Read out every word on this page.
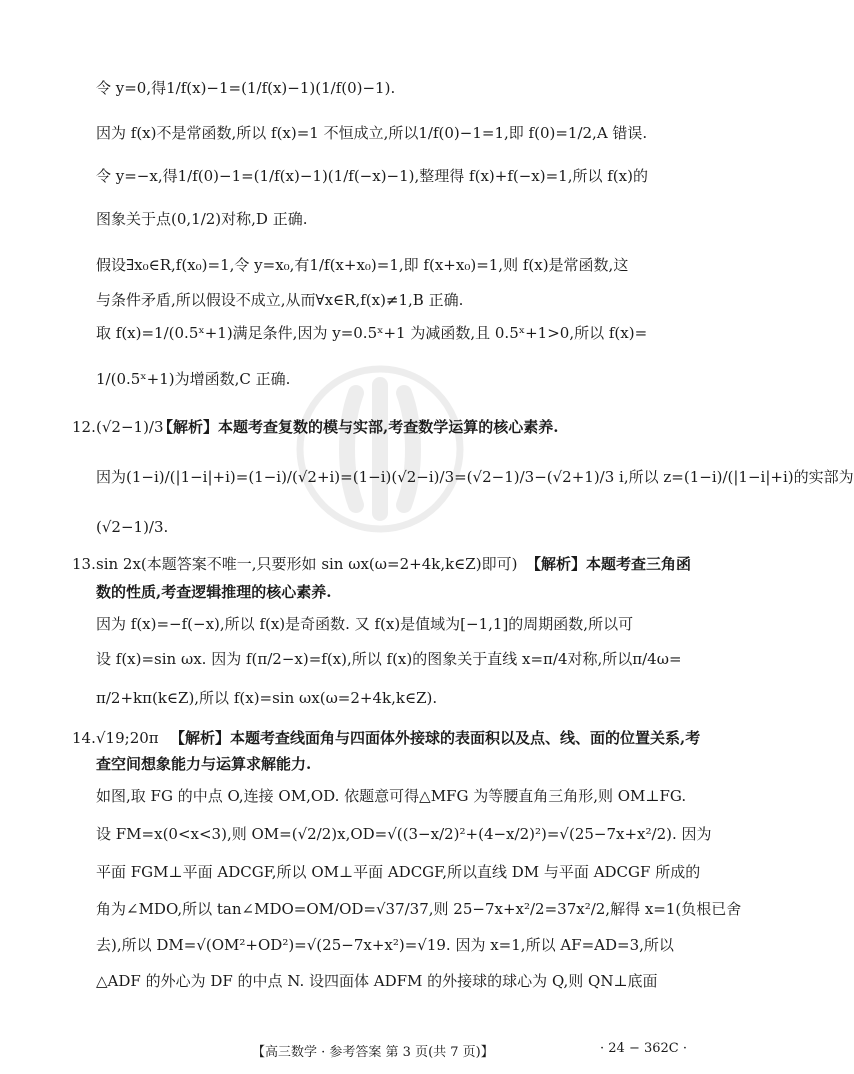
令 y=0,得1/f(x)−1=(1/f(x)−1)(1/f(0)−1).
因为 f(x)不是常函数,所以 f(x)=1 不恒成立,所以1/f(0)−1=1,即 f(0)=1/2,A 错误.
令 y=−x,得1/f(0)−1=(1/f(x)−1)(1/f(−x)−1),整理得 f(x)+f(−x)=1,所以 f(x)的
图象关于点(0,1/2)对称,D 正确.
假设∃x₀∈R,f(x₀)=1,令 y=x₀,有1/f(x+x₀)=1,即 f(x+x₀)=1,则 f(x)是常函数,这
与条件矛盾,所以假设不成立,从而∀x∈R,f(x)≠1,B 正确.
取 f(x)=1/(0.5ˣ+1)满足条件,因为 y=0.5ˣ+1 为减函数,且 0.5ˣ+1>0,所以 f(x)=
1/(0.5ˣ+1)为增函数,C 正确.
12. (√2−1)/3
【解析】本题考查复数的模与实部,考查数学运算的核心素养.
因为(1−i)/(|1−i|+i)=(1−i)/(√2+i)=(1−i)(√2−i)/3=(√2−1)/3−(√2+1)/3 i,所以 z=(1−i)/(|1−i|+i)的实部为
(√2−1)/3.
13. sin 2x(本题答案不唯一,只要形如 sin ωx(ω=2+4k,k∈Z)即可) 【解析】本题考查三角函
数的性质,考查逻辑推理的核心素养.
因为 f(x)=−f(−x),所以 f(x)是奇函数. 又 f(x)是值域为[−1,1]的周期函数,所以可
设 f(x)=sin ωx. 因为 f(π/2−x)=f(x),所以 f(x)的图象关于直线 x=π/4对称,所以π/4ω=
π/2+kπ(k∈Z),所以 f(x)=sin ωx(ω=2+4k,k∈Z).
14. √19;20π 【解析】本题考查线面角与四面体外接球的表面积以及点、线、面的位置关系,考
查空间想象能力与运算求解能力.
如图,取 FG 的中点 O,连接 OM,OD. 依题意可得△MFG 为等腰直角三角形,则 OM⊥FG.
设 FM=x(0<x<3),则 OM=(√2/2)x,OD=√((3−x/2)²+(4−x/2)²)=√(25−7x+x²/2). 因为
平面 FGM⊥平面 ADCGF,所以 OM⊥平面 ADCGF,所以直线 DM 与平面 ADCGF 所成的
角为∠MDO,所以 tan∠MDO=OM/OD=√37/37,则 25−7x+x²/2=37x²/2,解得 x=1(负根已舍
去),所以 DM=√(OM²+OD²)=√(25−7x+x²)=√19. 因为 x=1,所以 AF=AD=3,所以
△ADF 的外心为 DF 的中点 N. 设四面体 ADFM 的外接球的球心为 Q,则 QN⊥底面
【高三数学 · 参考答案 第 3 页(共 7 页)】	· 24 − 362C ·
